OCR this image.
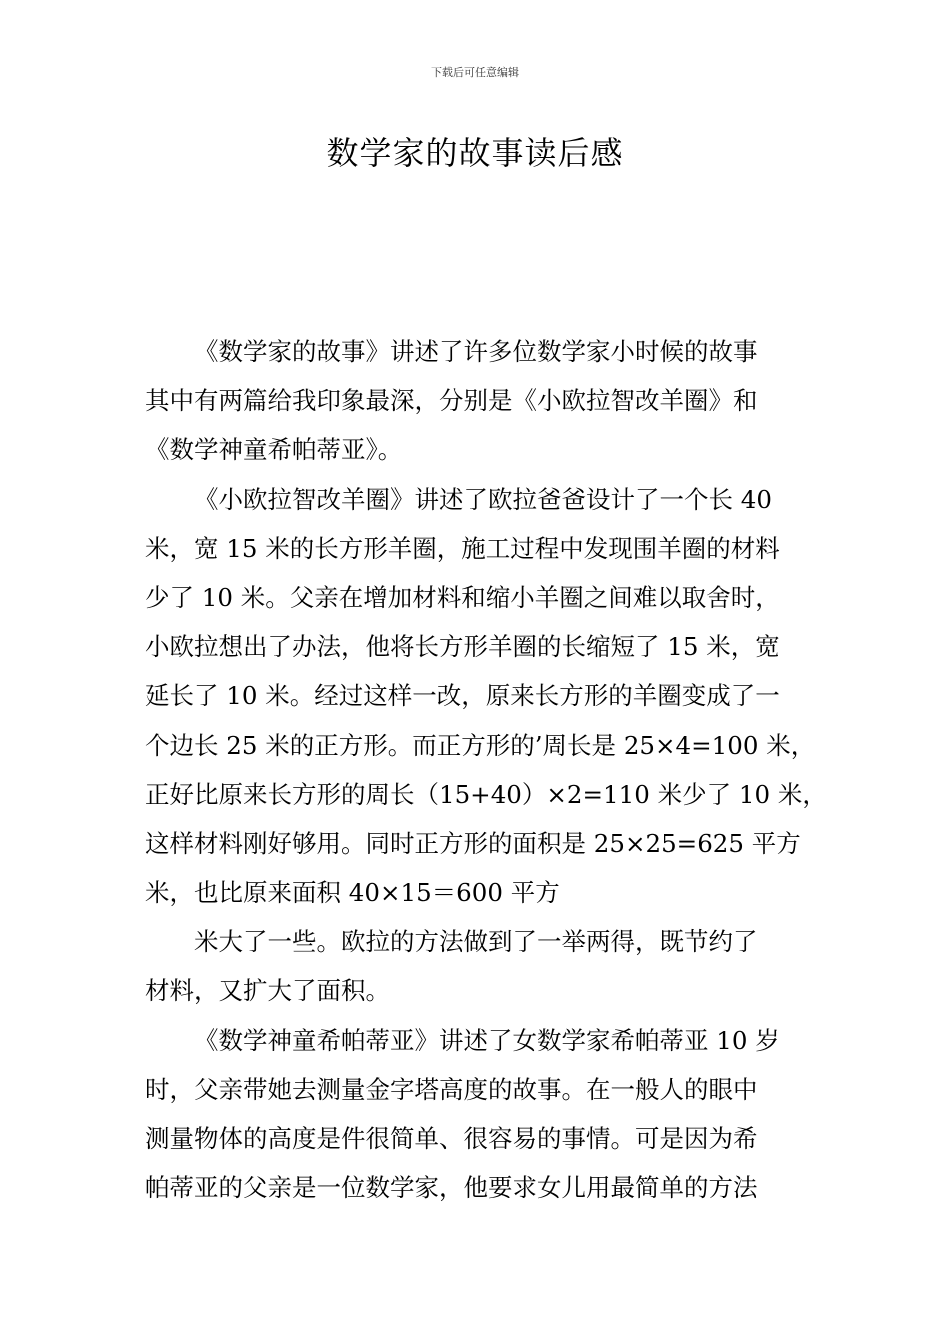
下载后可任意编辑
数学家的故事读后感
《数学家的故事》讲述了许多位数学家小时候的故事
其中有两篇给我印象最深，分别是《小欧拉智改羊圈》和
《数学神童希帕蒂亚》。
《小欧拉智改羊圈》讲述了欧拉爸爸设计了一个长 40
米，宽 15 米的长方形羊圈，施工过程中发现围羊圈的材料
少了 10 米。父亲在增加材料和缩小羊圈之间难以取舍时，
小欧拉想出了办法，他将长方形羊圈的长缩短了 15 米，宽
延长了 10 米。经过这样一改，原来长方形的羊圈变成了一
个边长 25 米的正方形。而正方形的’周长是 25×4=100 米，
正好比原来长方形的周长（15+40）×2=110 米少了 10 米，
这样材料刚好够用。同时正方形的面积是 25×25=625 平方
米，也比原来面积 40×15＝600 平方
米大了一些。欧拉的方法做到了一举两得，既节约了
材料，又扩大了面积。
《数学神童希帕蒂亚》讲述了女数学家希帕蒂亚 10 岁
时，父亲带她去测量金字塔高度的故事。在一般人的眼中
测量物体的高度是件很简单、很容易的事情。可是因为希
帕蒂亚的父亲是一位数学家，他要求女儿用最简单的方法
